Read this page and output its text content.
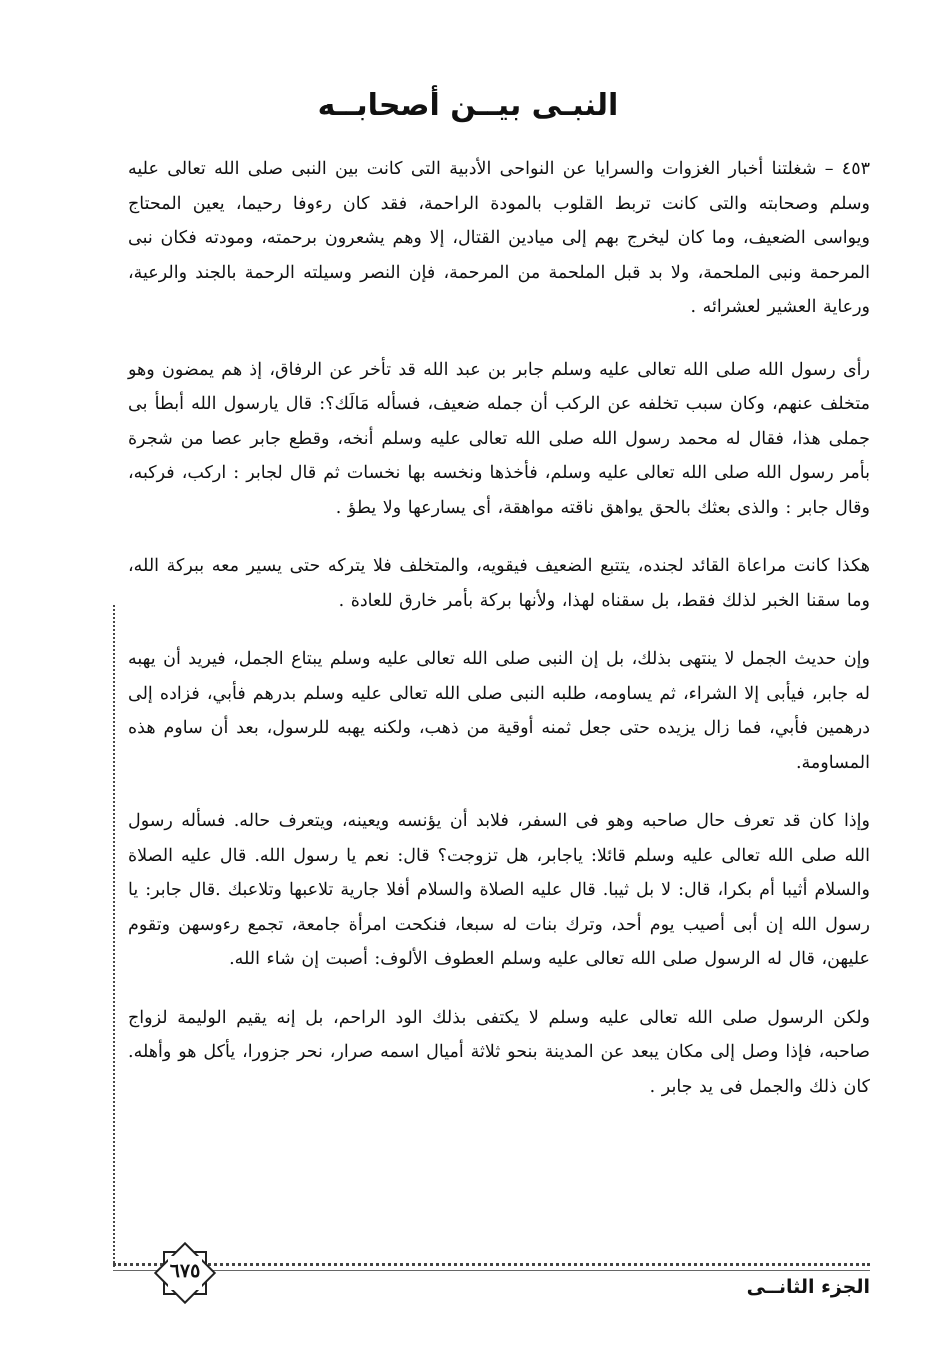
النبـى بيــن أصحابــه

٤٥٣ – شغلتنا أخبار الغزوات والسرايا عن النواحى الأدبية التى كانت بين النبى صلى الله تعالى عليه وسلم وصحابته والتى كانت تربط القلوب بالمودة الراحمة، فقد كان رءوفا رحيما، يعين المحتاج ويواسى الضعيف، وما كان ليخرج بهم إلى ميادين القتال، إلا وهم يشعرون برحمته، ومودته فكان نبى المرحمة ونبى الملحمة، ولا بد قبل الملحمة من المرحمة، فإن النصر وسيلته الرحمة بالجند والرعية، ورعاية العشير لعشرائه .

رأى رسول الله صلى الله تعالى عليه وسلم جابر بن عبد الله قد تأخر عن الرفاق، إذ هم يمضون وهو متخلف عنهم، وكان سبب تخلفه عن الركب أن جمله ضعيف، فسأله مَالَك؟: قال يارسول الله أبطأ بى جملى هذا، فقال له محمد رسول الله صلى الله تعالى عليه وسلم أنخه، وقطع جابر عصا من شجرة بأمر رسول الله صلى الله تعالى عليه وسلم، فأخذها ونخسه بها نخسات ثم قال لجابر : اركب، فركبه، وقال جابر : والذى بعثك بالحق يواهق ناقته مواهقة، أى يسارعها ولا يطؤ .

هكذا كانت مراعاة القائد لجنده، يتتبع الضعيف فيقويه، والمتخلف فلا يتركه حتى يسير معه ببركة الله، وما سقنا الخبر لذلك فقط، بل سقناه لهذا، ولأنها بركة بأمر خارق للعادة .

وإن حديث الجمل لا ينتهى بذلك، بل إن النبى صلى الله تعالى عليه وسلم يبتاع الجمل، فيريد أن يهبه له جابر، فيأبى إلا الشراء، ثم يساومه، طلبه النبى صلى الله تعالى عليه وسلم بدرهم فأبي، فزاده إلى درهمين فأبي، فما زال يزيده حتى جعل ثمنه أوقية من ذهب، ولكنه يهبه للرسول، بعد أن ساوم هذه المساومة.

وإذا كان قد تعرف حال صاحبه وهو فى السفر، فلابد أن يؤنسه ويعينه، ويتعرف حاله. فسأله رسول الله صلى الله تعالى عليه وسلم قائلا: ياجابر، هل تزوجت؟ قال: نعم يا رسول الله. قال عليه الصلاة والسلام أثيبا أم بكرا، قال: لا بل ثيبا. قال عليه الصلاة والسلام أفلا جارية تلاعبها وتلاعبك .قال جابر: يا رسول الله إن أبى أصيب يوم أحد، وترك بنات له سبعا، فنكحت امرأة جامعة، تجمع رءوسهن وتقوم عليهن، قال له الرسول صلى الله تعالى عليه وسلم العطوف الألوف: أصبت إن شاء الله.

ولكن الرسول صلى الله تعالى عليه وسلم لا يكتفى بذلك الود الراحم، بل إنه يقيم الوليمة لزواج صاحبه، فإذا وصل إلى مكان يبعد عن المدينة بنحو ثلاثة أميال اسمه صرار، نحر جزورا، يأكل هو وأهله. كان ذلك والجمل فى يد جابر .

٦٧٥
الجزء الثانــى
